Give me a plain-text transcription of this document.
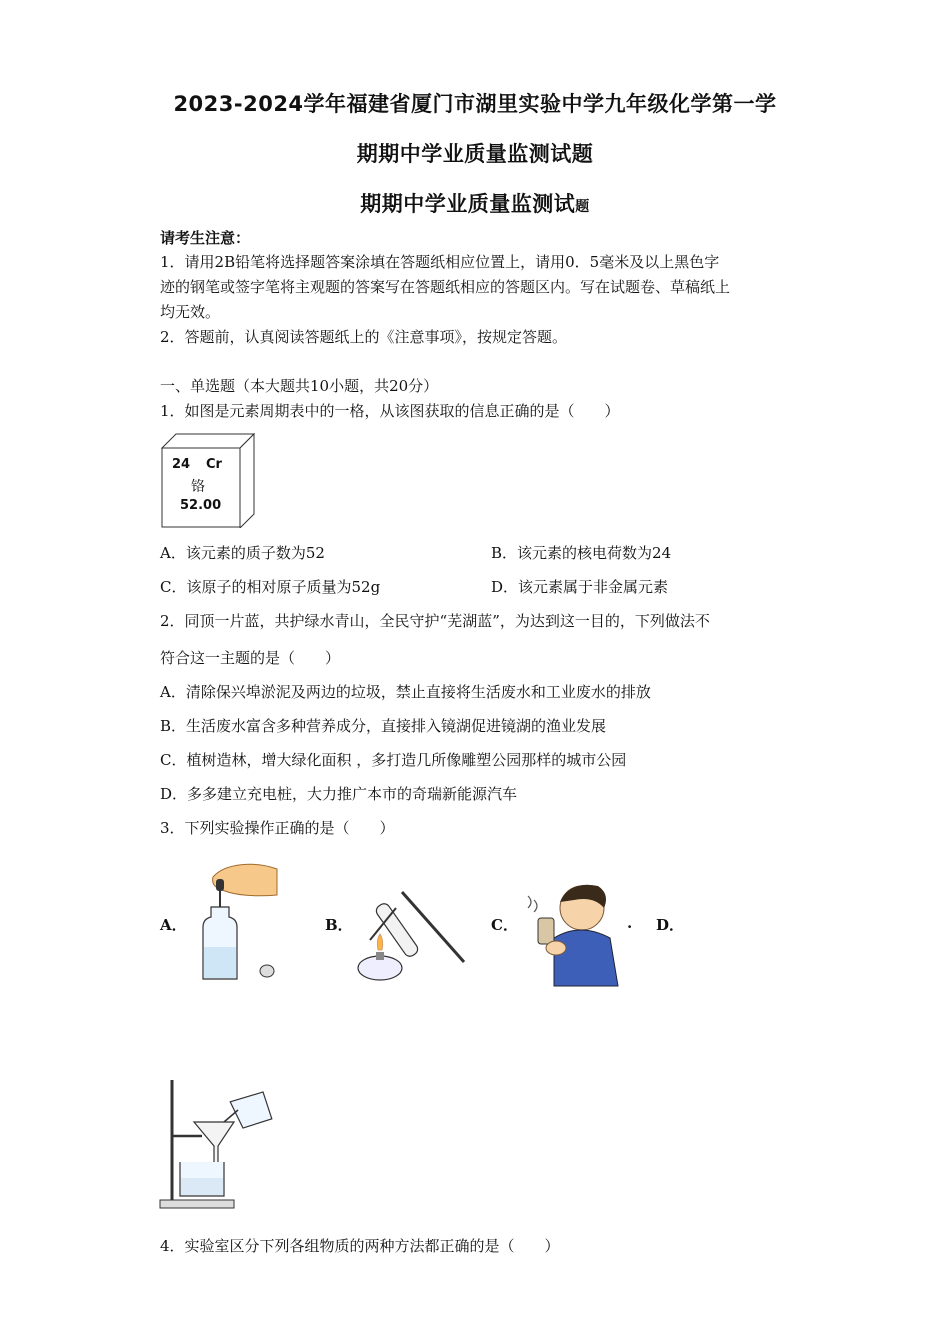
2023-2024学年福建省厦门市湖里实验中学九年级化学第一学
期期中学业质量监测试题
期期中学业质量监测试题
请考生注意：
1．请用2B铅笔将选择题答案涂填在答题纸相应位置上，请用0．5毫米及以上黑色字
迹的钢笔或签字笔将主观题的答案写在答题纸相应的答题区内。写在试题卷、草稿纸上
均无效。
2．答题前，认真阅读答题纸上的《注意事项》，按规定答题。
一、单选题（本大题共10小题，共20分）
1．如图是元素周期表中的一格，从该图获取的信息正确的是（　　）
24 Cr
铬
52.00
A．该元素的质子数为52	B．该元素的核电荷数为24
C．该原子的相对原子质量为52g	D．该元素属于非金属元素
2．同顶一片蓝，共护绿水青山，全民守护“芜湖蓝”，为达到这一目的，下列做法不
符合这一主题的是（　　）
A．清除保兴埠淤泥及两边的垃圾，禁止直接将生活废水和工业废水的排放
B．生活废水富含多种营养成分，直接排入镜湖促进镜湖的渔业发展
C．植树造林，增大绿化面积 ，多打造几所像雕塑公园那样的城市公园
D．多多建立充电桩，大力推广本市的奇瑞新能源汽车
3．下列实验操作正确的是（　　）
A．	B．	C．	. D．
4．实验室区分下列各组物质的两种方法都正确的是（　　）
